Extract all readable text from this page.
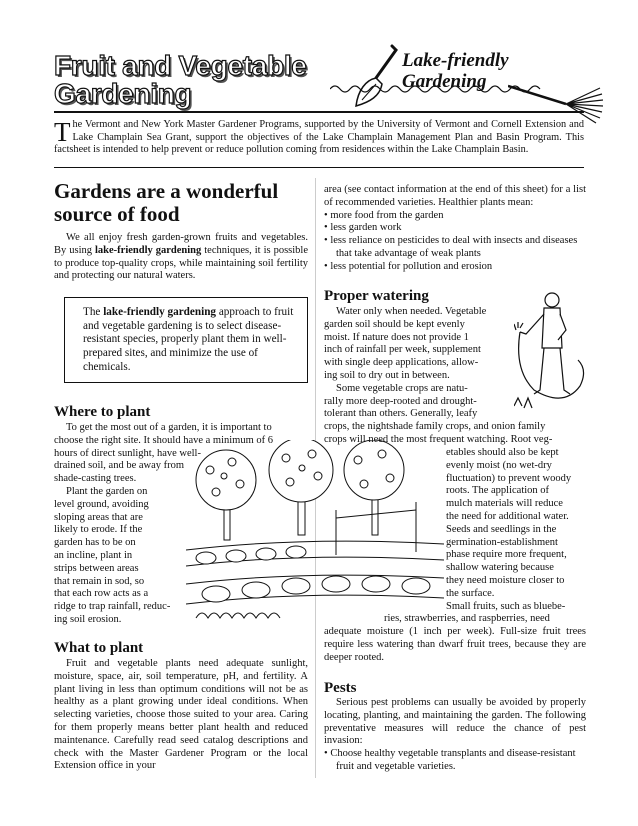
Fruit and Vegetable
Gardening
Lake-friendly
Gardening
The Vermont and New York Master Gardener Programs, supported by the University of Vermont and Cornell Extension and Lake Champlain Sea Grant, support the objectives of the Lake Champlain Management Plan and Basin Program. This factsheet is intended to help prevent or reduce pollution coming from residences within the Lake Champlain Basin.
Gardens are a wonderful source of food

We all enjoy fresh garden-grown fruits and vegetables. By using lake-friendly gardening techniques, it is possible to produce top-quality crops, while maintaining soil fertility and protecting our natural waters.

The lake-friendly gardening approach to fruit and vegetable gardening is to select disease-resistant species, properly plant them in well-prepared sites, and minimize the use of chemicals.

Where to plant

To get the most out of a garden, it is important to

choose the right site. It should have a minimum of 6

hours of direct sunlight, have well-

drained soil, and be away from

shade-casting trees.

Plant the garden on

level ground, avoiding

sloping areas that are

likely to erode. If the

garden has to be on

an incline, plant in

strips between areas

that remain in sod, so

that each row acts as a

ridge to trap rainfall, reduc-

ing soil erosion.

What to plant

Fruit and vegetable plants need adequate sunlight, moisture, space, air, soil temperature, pH, and fertility. A plant living in less than optimum conditions will not be as healthy as a plant growing under ideal conditions. When selecting varieties, choose those suited to your area. Caring for them properly means better plant health and reduced maintenance. Carefully read seed catalog descriptions and check with the Master Gardener Program or the local Extension office in your

area (see contact information at the end of this sheet) for a list of recommended varieties. Healthier plants mean:

• more food from the garden
• less garden work
• less reliance on pesticides to deal with insects and diseases that take advantage of weak plants
• less potential for pollution and erosion
Proper watering

Water only when needed. Vegetable

garden soil should be kept evenly

moist. If nature does not provide 1

inch of rainfall per week, supplement

with single deep applications, allow-

ing soil to dry out in between.

Some vegetable crops are natu-

rally more deep-rooted and drought-

tolerant than others. Generally, leafy

crops, the nightshade family crops, and onion family

crops will need the most frequent watching. Root veg-

etables should also be kept

evenly moist (no wet-dry

fluctuation) to prevent woody

roots. The application of

mulch materials will reduce

the need for additional water.

Seeds and seedlings in the

germination-establishment

phase require more frequent,

shallow watering because

they need moisture closer to

the surface.

Small fruits, such as bluebe-

ries, strawberries, and raspberries, need

adequate moisture (1 inch per week). Full-size fruit trees require less watering than dwarf fruit trees, because they are deeper rooted.

Pests

Serious pest problems can usually be avoided by properly locating, planting, and maintaining the garden. The following preventative measures will reduce the chance of pest invasion:

• Choose healthy vegetable transplants and disease-resistant fruit and vegetable varieties.
